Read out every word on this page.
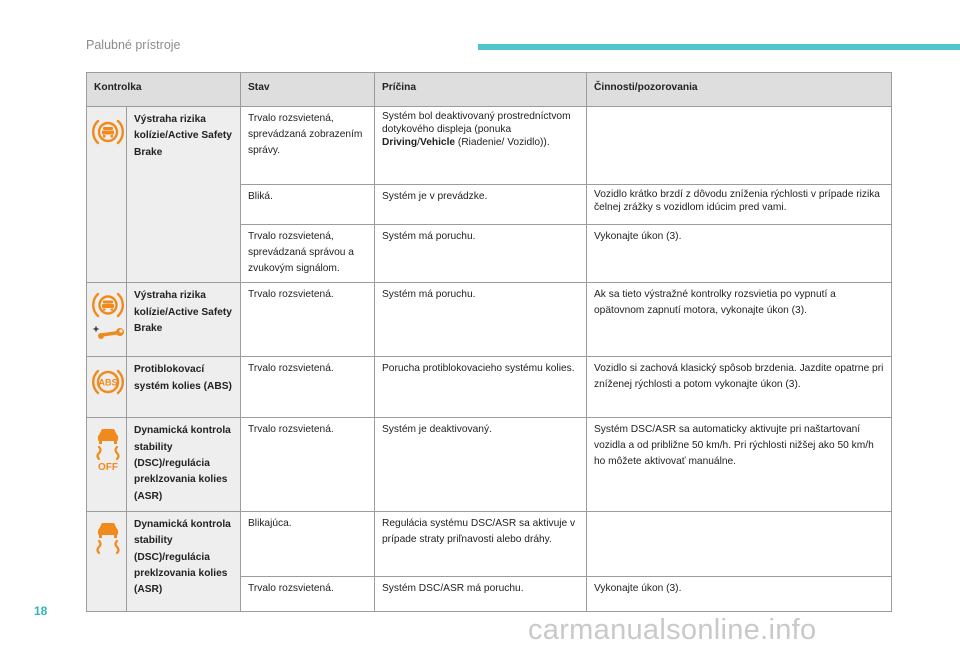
Palubné prístroje
Kontrolka		Stav	Príčina	Činnosti/pozorovania

	Výstraha rizika kolízie/Active Safety Brake	Trvalo rozsvietená, sprevádzaná zobrazením správy.	Systém bol deaktivovaný prostredníctvom dotykového displeja (ponuka Driving/Vehicle (Riadenie/ Vozidlo)).	
		Bliká.	Systém je v prevádzke.	Vozidlo krátko brzdí z dôvodu zníženia rýchlosti v prípade rizika čelnej zrážky s vozidlom idúcim pred vami.
		Trvalo rozsvietená, sprevádzaná správou a zvukovým signálom.	Systém má poruchu.	Vykonajte úkon (3).

	Výstraha rizika kolízie/Active Safety Brake	Trvalo rozsvietená.	Systém má poruchu.	Ak sa tieto výstražné kontrolky rozsvietia po vypnutí a opätovnom zapnutí motora, vykonajte úkon (3).

ABS	Protiblokovací systém kolies (ABS)	Trvalo rozsvietená.	Porucha protiblokovacieho systému kolies.	Vozidlo si zachová klasický spôsob brzdenia. Jazdite opatrne pri zníženej rýchlosti a potom vykonajte úkon (3).

OFF	Dynamická kontrola stability (DSC)/regulácia preklzovania kolies (ASR)	Trvalo rozsvietená.	Systém je deaktivovaný.	Systém DSC/ASR sa automaticky aktivujte pri naštartovaní vozidla a od približne 50 km/h. Pri rýchlosti nižšej ako 50 km/h ho môžete aktivovať manuálne.

	Dynamická kontrola stability (DSC)/regulácia preklzovania kolies (ASR)	Blikajúca.	Regulácia systému DSC/ASR sa aktivuje v prípade straty priľnavosti alebo dráhy.	
		Trvalo rozsvietená.	Systém DSC/ASR má poruchu.	Vykonajte úkon (3).
18
carmanualsonline.info
